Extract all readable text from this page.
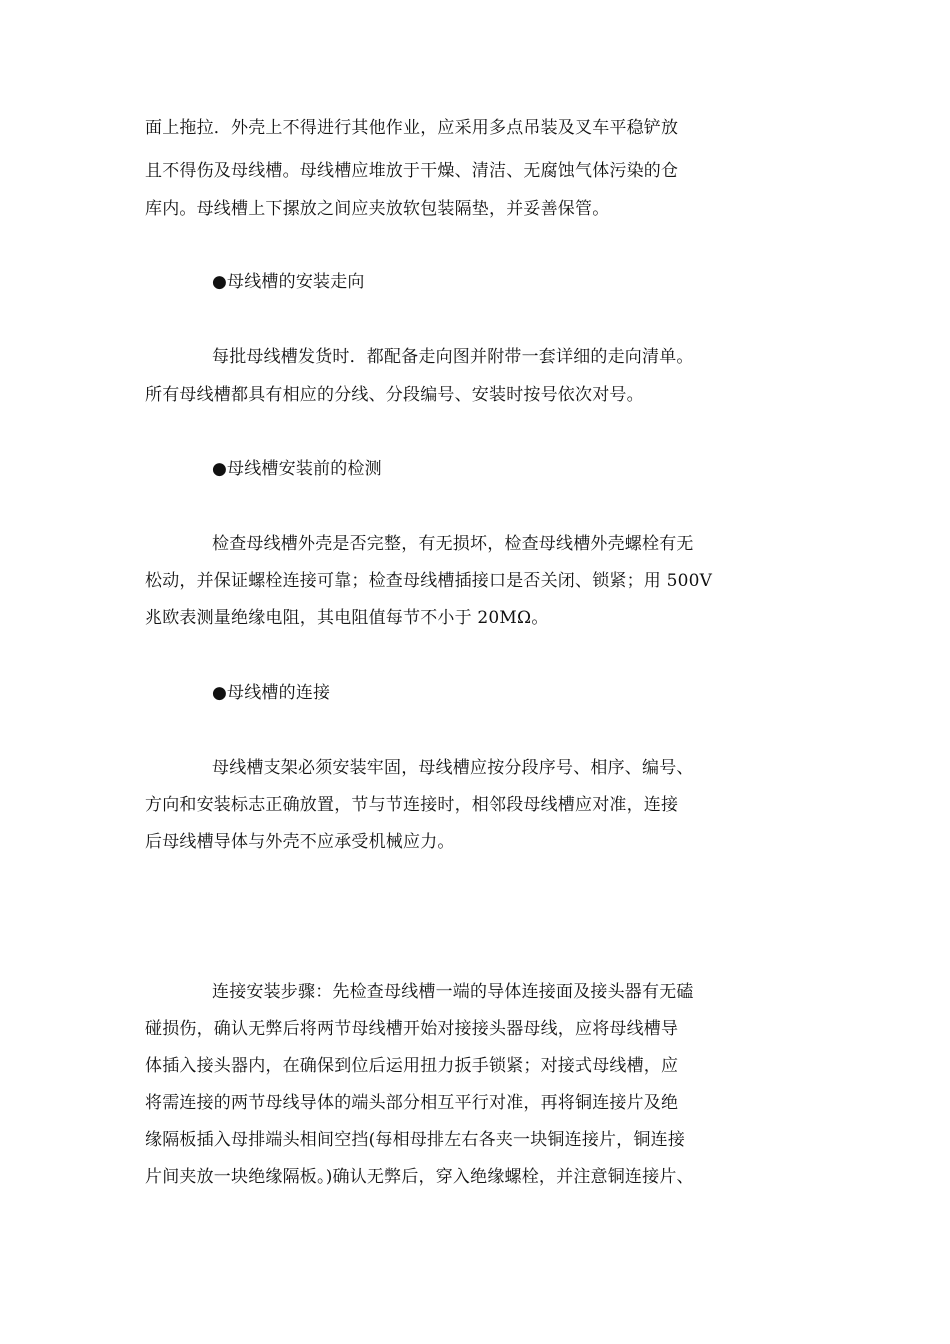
面上拖拉．外壳上不得进行其他作业，应采用多点吊装及叉车平稳铲放
且不得伤及母线槽。母线槽应堆放于干燥、清洁、无腐蚀气体污染的仓
库内。母线槽上下摞放之间应夹放软包装隔垫，并妥善保管。
●母线槽的安装走向
每批母线槽发货时．都配备走向图并附带一套详细的走向清单。
所有母线槽都具有相应的分线、分段编号、安装时按号依次对号。
●母线槽安装前的检测
检查母线槽外壳是否完整，有无损坏，检查母线槽外壳螺栓有无
松动，并保证螺栓连接可靠；检查母线槽插接口是否关闭、锁紧；用 500V
兆欧表测量绝缘电阻，其电阻值每节不小于 20MΩ。
●母线槽的连接
母线槽支架必须安装牢固，母线槽应按分段序号、相序、编号、
方向和安装标志正确放置，节与节连接时，相邻段母线槽应对准，连接
后母线槽导体与外壳不应承受机械应力。
连接安装步骤：先检查母线槽一端的导体连接面及接头器有无磕
碰损伤，确认无弊后将两节母线槽开始对接接头器母线，应将母线槽导
体插入接头器内，在确保到位后运用扭力扳手锁紧；对接式母线槽，应
将需连接的两节母线导体的端头部分相互平行对准，再将铜连接片及绝
缘隔板插入母排端头相间空挡(每相母排左右各夹一块铜连接片，铜连接
片间夹放一块绝缘隔板。)确认无弊后，穿入绝缘螺栓，并注意铜连接片、
